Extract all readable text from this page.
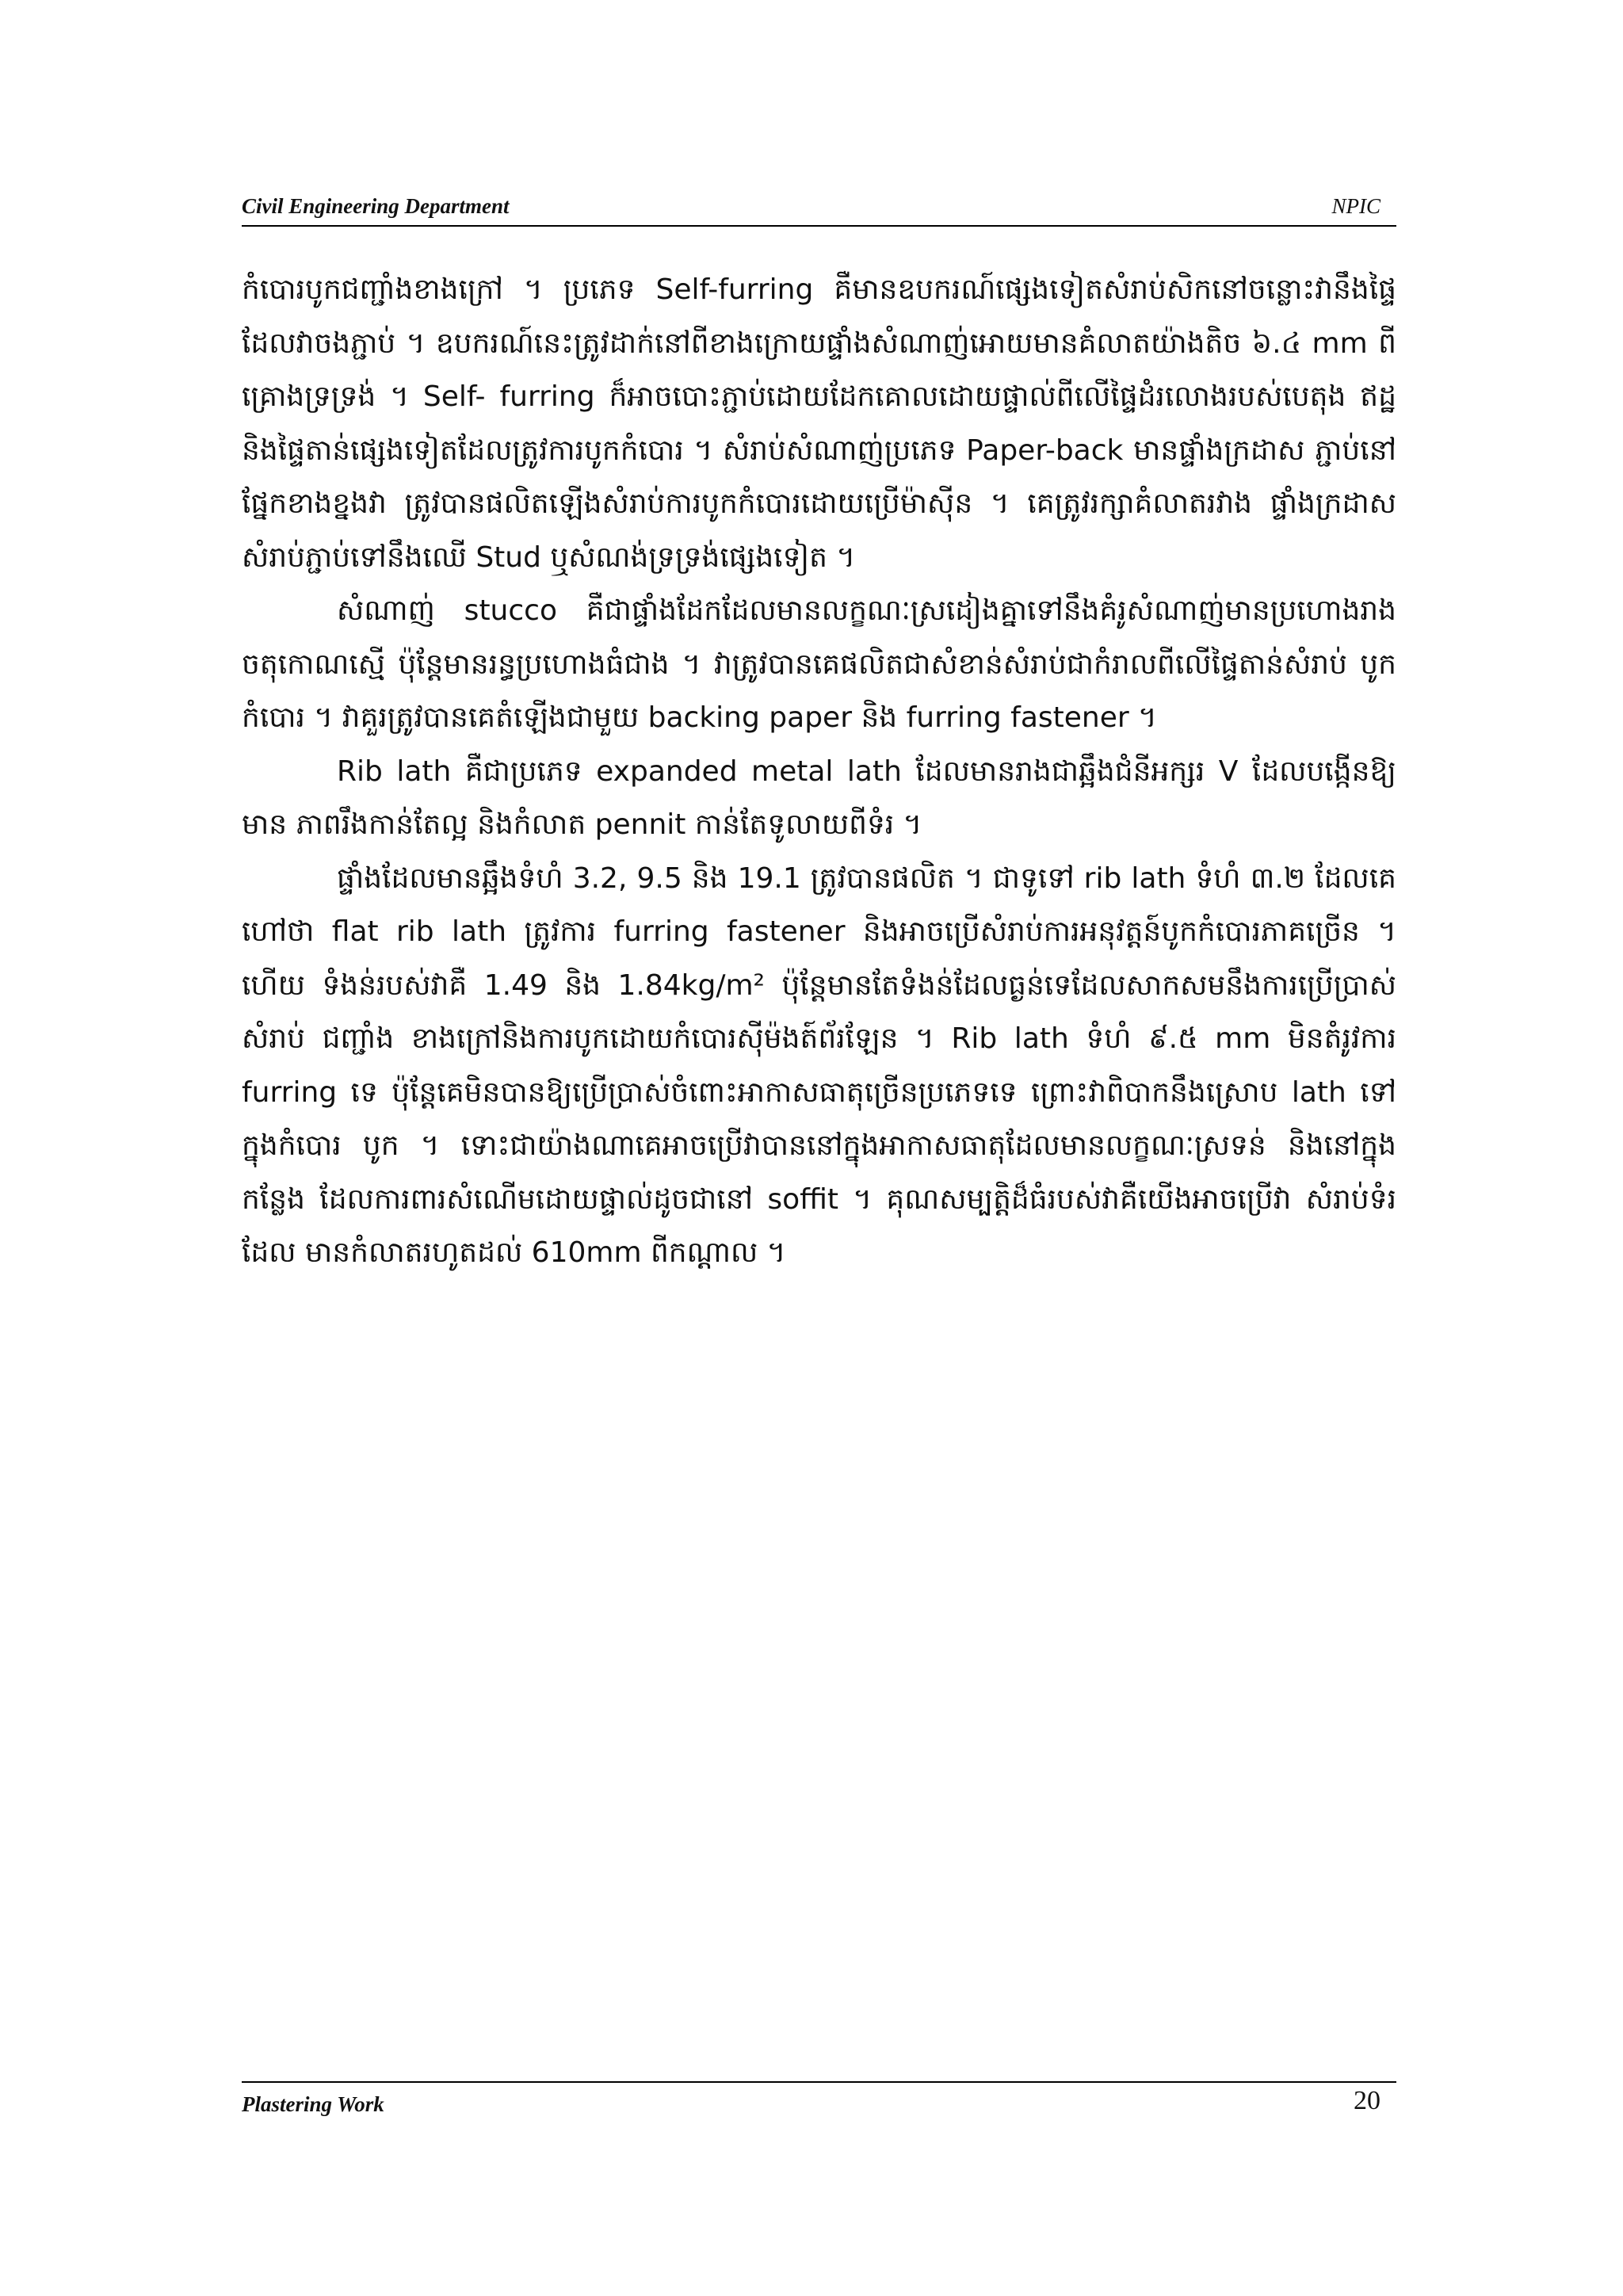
Civil Engineering Department	NPIC

កំបោរបូកជញ្ជាំងខាងក្រៅ ។ ប្រភេទ Self-furring គឺមានឧបករណ៍ផ្សេងទៀតសំរាប់សិកនៅចន្លោះវានឹងផ្ទៃ ដែលវាចងភ្ជាប់ ។ ឧបករណ៍នេះត្រូវដាក់នៅពីខាងក្រោយផ្ទាំងសំណាញ់អោយមានគំលាតយ៉ាងតិច ៦.៤ mm ពីគ្រោងទ្រទ្រង់ ។ Self- furring ក៏អាចបោះភ្ជាប់ដោយដែកគោលដោយផ្ទាល់ពីលើផ្ទៃដំរលោងរបស់បេតុង ឥដ្ឋ និងផ្ទៃតាន់ផ្សេងទៀតដែលត្រូវការបូកកំបោរ ។ សំរាប់សំណាញ់ប្រភេទ Paper-back មានផ្ទាំងក្រដាស ភ្ជាប់នៅផ្នែកខាងខ្នងវា ត្រូវបានផលិតឡើងសំរាប់ការបូកកំបោរដោយប្រើម៉ាស៊ីន ។ គេត្រូវរក្សាគំលាតរវាង ផ្ទាំងក្រដាសសំរាប់ភ្ជាប់ទៅនឹងឈើ Stud ឬសំណង់ទ្រទ្រង់ផ្សេងទៀត ។

សំណាញ់ stucco គឺជាផ្ទាំងដែកដែលមានលក្ខណៈស្រដៀងគ្នាទៅនឹងគំរូសំណាញ់មានប្រហោងរាង ចតុកោណស្មើ ប៉ុន្តែមានរន្ធប្រហោងធំជាង ។ វាត្រូវបានគេផលិតជាសំខាន់សំរាប់ជាកំរាលពីលើផ្ទៃតាន់សំរាប់ បូកកំបោរ ។ វាគួរត្រូវបានគេតំឡើងជាមួយ backing paper និង furring fastener ។

Rib lath គឺជាប្រភេទ expanded metal lath ដែលមានរាងជាឆ្អឹងជំនីអក្សរ V ដែលបង្កើនឱ្យមាន ភាពរឹងកាន់តែល្អ និងកំលាត pennit កាន់តែទូលាយពីទំរ ។

ផ្ទាំងដែលមានឆ្អឹងទំហំ 3.2, 9.5 និង 19.1 ត្រូវបានផលិត ។ ជាទូទៅ rib lath ទំហំ ៣.២ ដែលគេ ហៅថា flat rib lath ត្រូវការ furring fastener និងអាចប្រើសំរាប់ការអនុវត្តន៍បូកកំបោរភាគច្រើន ។ ហើយ ទំងន់របស់វាគឺ 1.49 និង 1.84kg/m² ប៉ុន្តែមានតែទំងន់ដែលធ្ងន់ទេដែលសាកសមនឹងការប្រើប្រាស់សំរាប់ ជញ្ជាំង ខាងក្រៅនិងការបូកដោយកំបោរស៊ីម៉ងត៍ព័រឡែន ។ Rib lath ទំហំ ៩.៥ mm មិនតំរូវការ furring ទេ ប៉ុន្តែគេមិនបានឱ្យប្រើប្រាស់ចំពោះអាកាសធាតុច្រើនប្រភេទទេ ព្រោះវាពិបាកនឹងស្រោប lath ទៅក្នុងកំបោរ បូក ។ ទោះជាយ៉ាងណាគេអាចប្រើវាបាននៅក្នុងអាកាសធាតុដែលមានលក្ខណៈស្រទន់ និងនៅក្នុងកន្លែង ដែលការពារសំណើមដោយផ្ទាល់ដូចជានៅ soffit ។ គុណសម្បត្តិដ៏ធំរបស់វាគឺយើងអាចប្រើវា សំរាប់ទំរដែល មានកំលាតរហូតដល់ 610mm ពីកណ្តាល ។

Plastering Work	20
